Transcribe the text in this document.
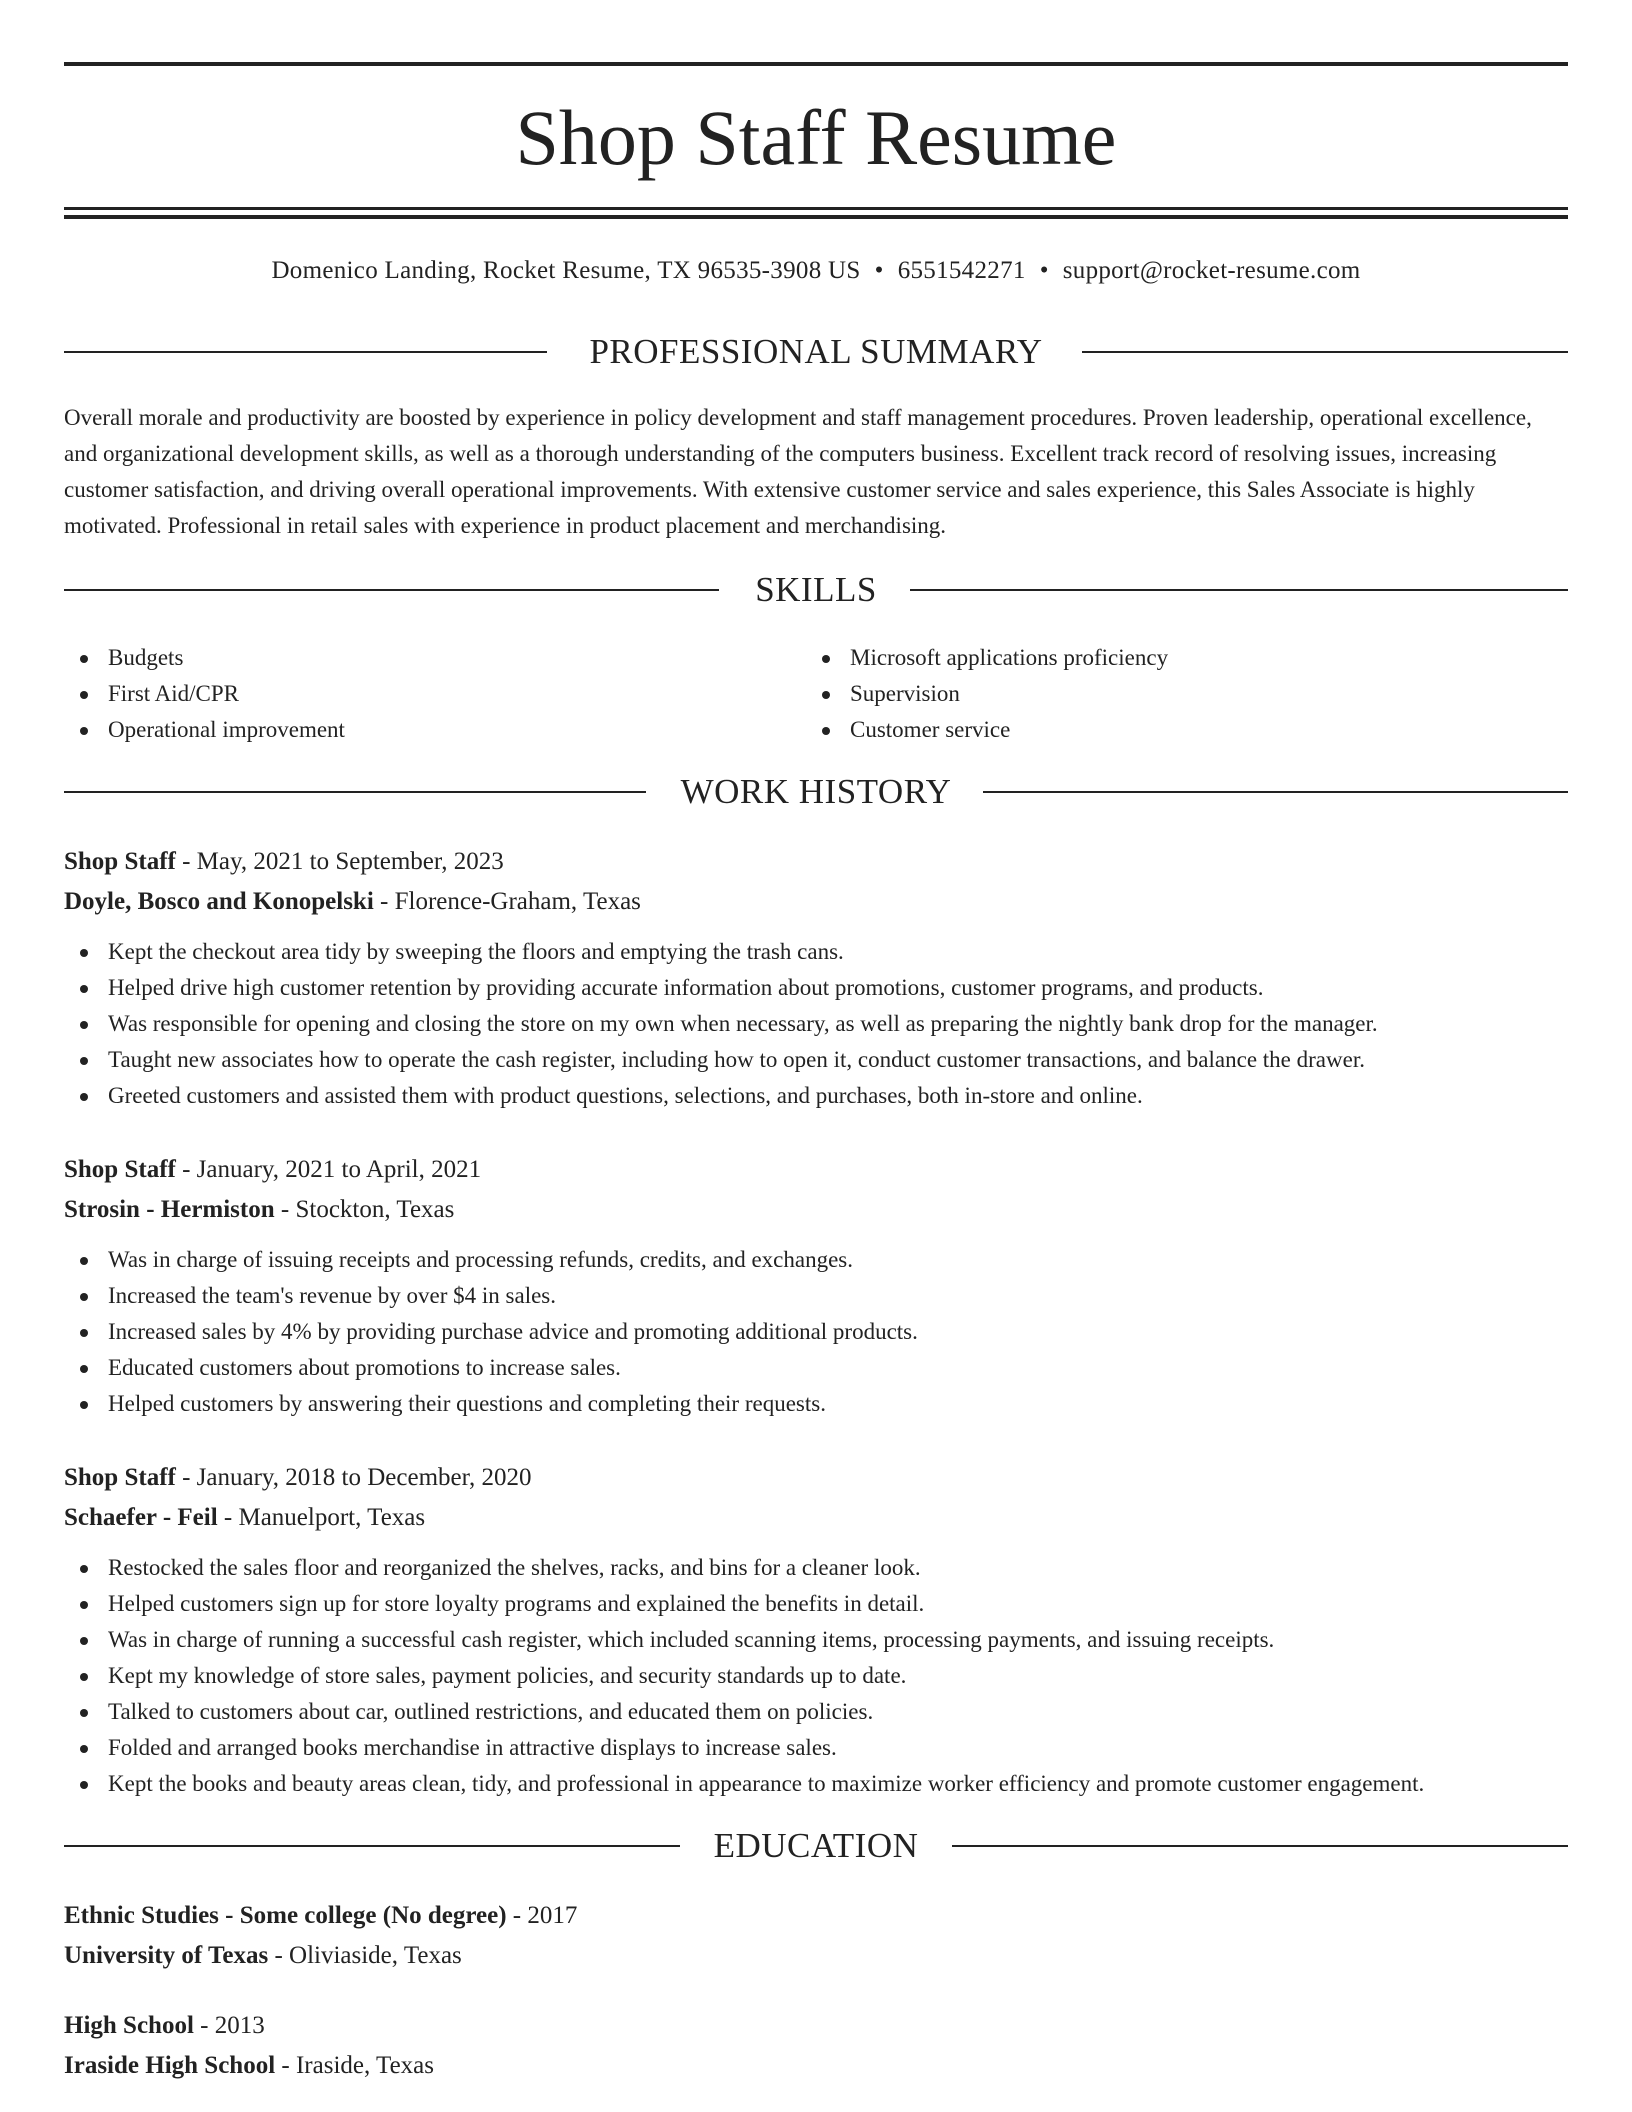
Shop Staff Resume
Domenico Landing, Rocket Resume, TX 96535-3908 US • 6551542271 • support@rocket-resume.com
PROFESSIONAL SUMMARY

Overall morale and productivity are boosted by experience in policy development and staff management procedures. Proven leadership, operational excellence, and organizational development skills, as well as a thorough understanding of the computers business. Excellent track record of resolving issues, increasing customer satisfaction, and driving overall operational improvements. With extensive customer service and sales experience, this Sales Associate is highly motivated. Professional in retail sales with experience in product placement and merchandising.

SKILLS
Budgets
First Aid/CPR
Operational improvement
Microsoft applications proficiency
Supervision
Customer service
WORK HISTORY
Shop Staff - May, 2021 to September, 2023
Doyle, Bosco and Konopelski - Florence-Graham, Texas
Kept the checkout area tidy by sweeping the floors and emptying the trash cans.
Helped drive high customer retention by providing accurate information about promotions, customer programs, and products.
Was responsible for opening and closing the store on my own when necessary, as well as preparing the nightly bank drop for the manager.
Taught new associates how to operate the cash register, including how to open it, conduct customer transactions, and balance the drawer.
Greeted customers and assisted them with product questions, selections, and purchases, both in-store and online.
Shop Staff - January, 2021 to April, 2021
Strosin - Hermiston - Stockton, Texas
Was in charge of issuing receipts and processing refunds, credits, and exchanges.
Increased the team's revenue by over $4 in sales.
Increased sales by 4% by providing purchase advice and promoting additional products.
Educated customers about promotions to increase sales.
Helped customers by answering their questions and completing their requests.
Shop Staff - January, 2018 to December, 2020
Schaefer - Feil - Manuelport, Texas
Restocked the sales floor and reorganized the shelves, racks, and bins for a cleaner look.
Helped customers sign up for store loyalty programs and explained the benefits in detail.
Was in charge of running a successful cash register, which included scanning items, processing payments, and issuing receipts.
Kept my knowledge of store sales, payment policies, and security standards up to date.
Talked to customers about car, outlined restrictions, and educated them on policies.
Folded and arranged books merchandise in attractive displays to increase sales.
Kept the books and beauty areas clean, tidy, and professional in appearance to maximize worker efficiency and promote customer engagement.
EDUCATION
Ethnic Studies - Some college (No degree) - 2017
University of Texas - Oliviaside, Texas
High School - 2013
Iraside High School - Iraside, Texas
